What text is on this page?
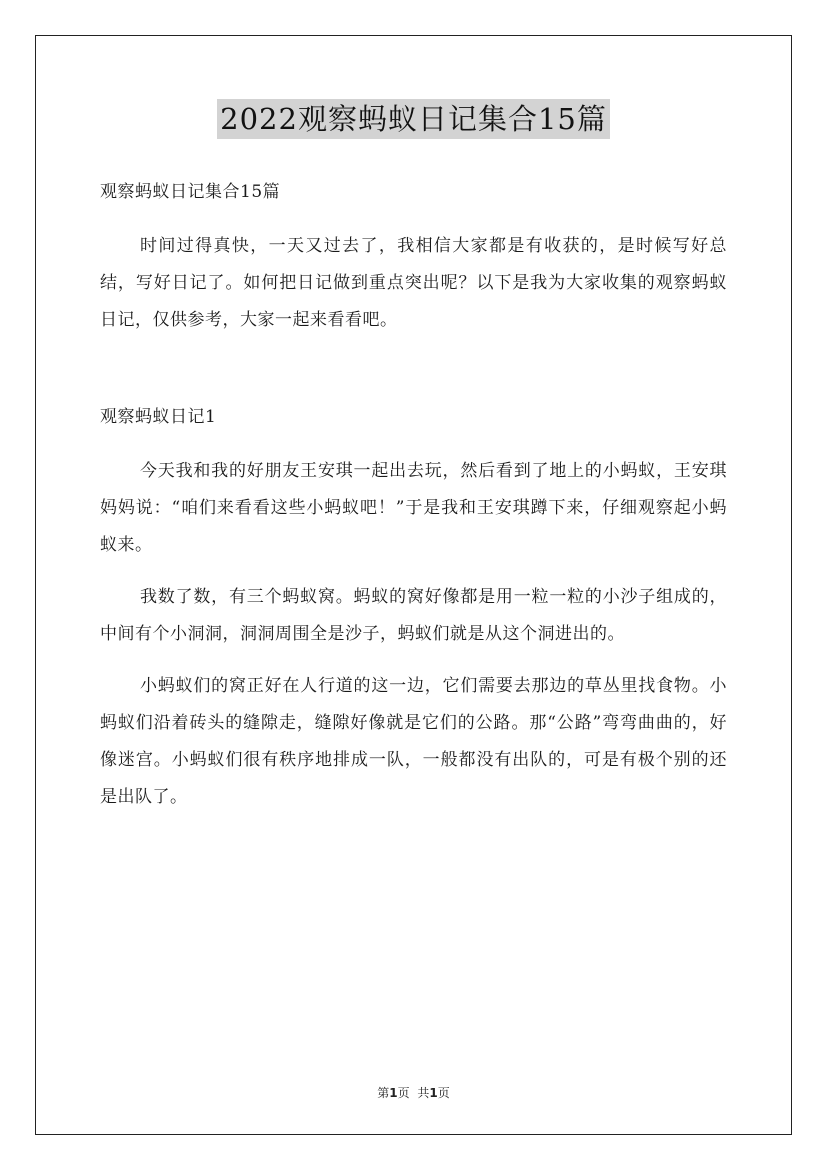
2022观察蚂蚁日记集合15篇

观察蚂蚁日记集合15篇

时间过得真快，一天又过去了，我相信大家都是有收获的，是时候写好总结，写好日记了。如何把日记做到重点突出呢？以下是我为大家收集的观察蚂蚁日记，仅供参考，大家一起来看看吧。

观察蚂蚁日记1

今天我和我的好朋友王安琪一起出去玩，然后看到了地上的小蚂蚁，王安琪妈妈说：“咱们来看看这些小蚂蚁吧！”于是我和王安琪蹲下来，仔细观察起小蚂蚁来。

我数了数，有三个蚂蚁窝。蚂蚁的窝好像都是用一粒一粒的小沙子组成的，中间有个小洞洞，洞洞周围全是沙子，蚂蚁们就是从这个洞进出的。

小蚂蚁们的窝正好在人行道的这一边，它们需要去那边的草丛里找食物。小蚂蚁们沿着砖头的缝隙走，缝隙好像就是它们的公路。那“公路”弯弯曲曲的，好像迷宫。小蚂蚁们很有秩序地排成一队，一般都没有出队的，可是有极个别的还是出队了。

第1页 共1页
